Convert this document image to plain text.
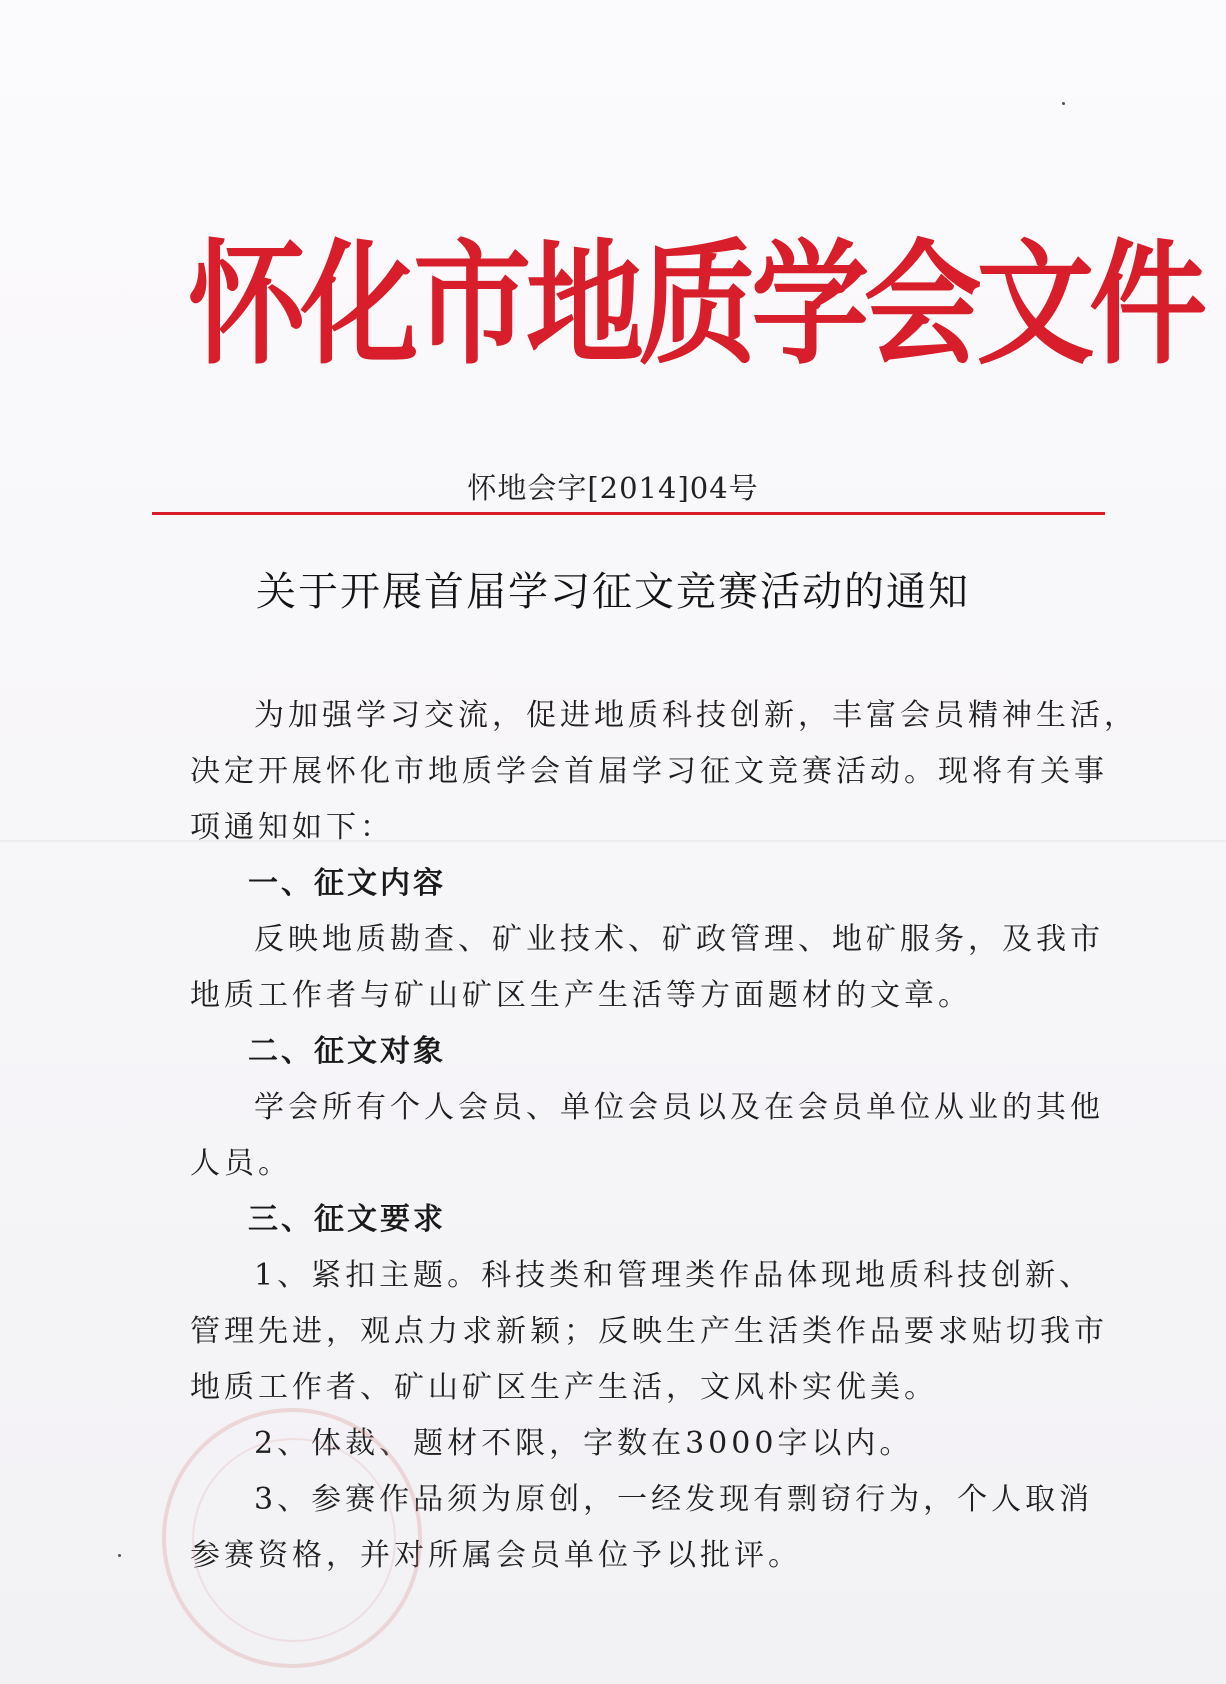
怀化市地质学会文件
怀地会字[2014]04号
关于开展首届学习征文竞赛活动的通知
为加强学习交流，促进地质科技创新，丰富会员精神生活，
决定开展怀化市地质学会首届学习征文竞赛活动。现将有关事
项通知如下：
一、征文内容
反映地质勘查、矿业技术、矿政管理、地矿服务，及我市
地质工作者与矿山矿区生产生活等方面题材的文章。
二、征文对象
学会所有个人会员、单位会员以及在会员单位从业的其他
人员。
三、征文要求
1、紧扣主题。科技类和管理类作品体现地质科技创新、
管理先进，观点力求新颖；反映生产生活类作品要求贴切我市
地质工作者、矿山矿区生产生活，文风朴实优美。
2、体裁、题材不限，字数在3000字以内。
3、参赛作品须为原创，一经发现有剽窃行为，个人取消
参赛资格，并对所属会员单位予以批评。
